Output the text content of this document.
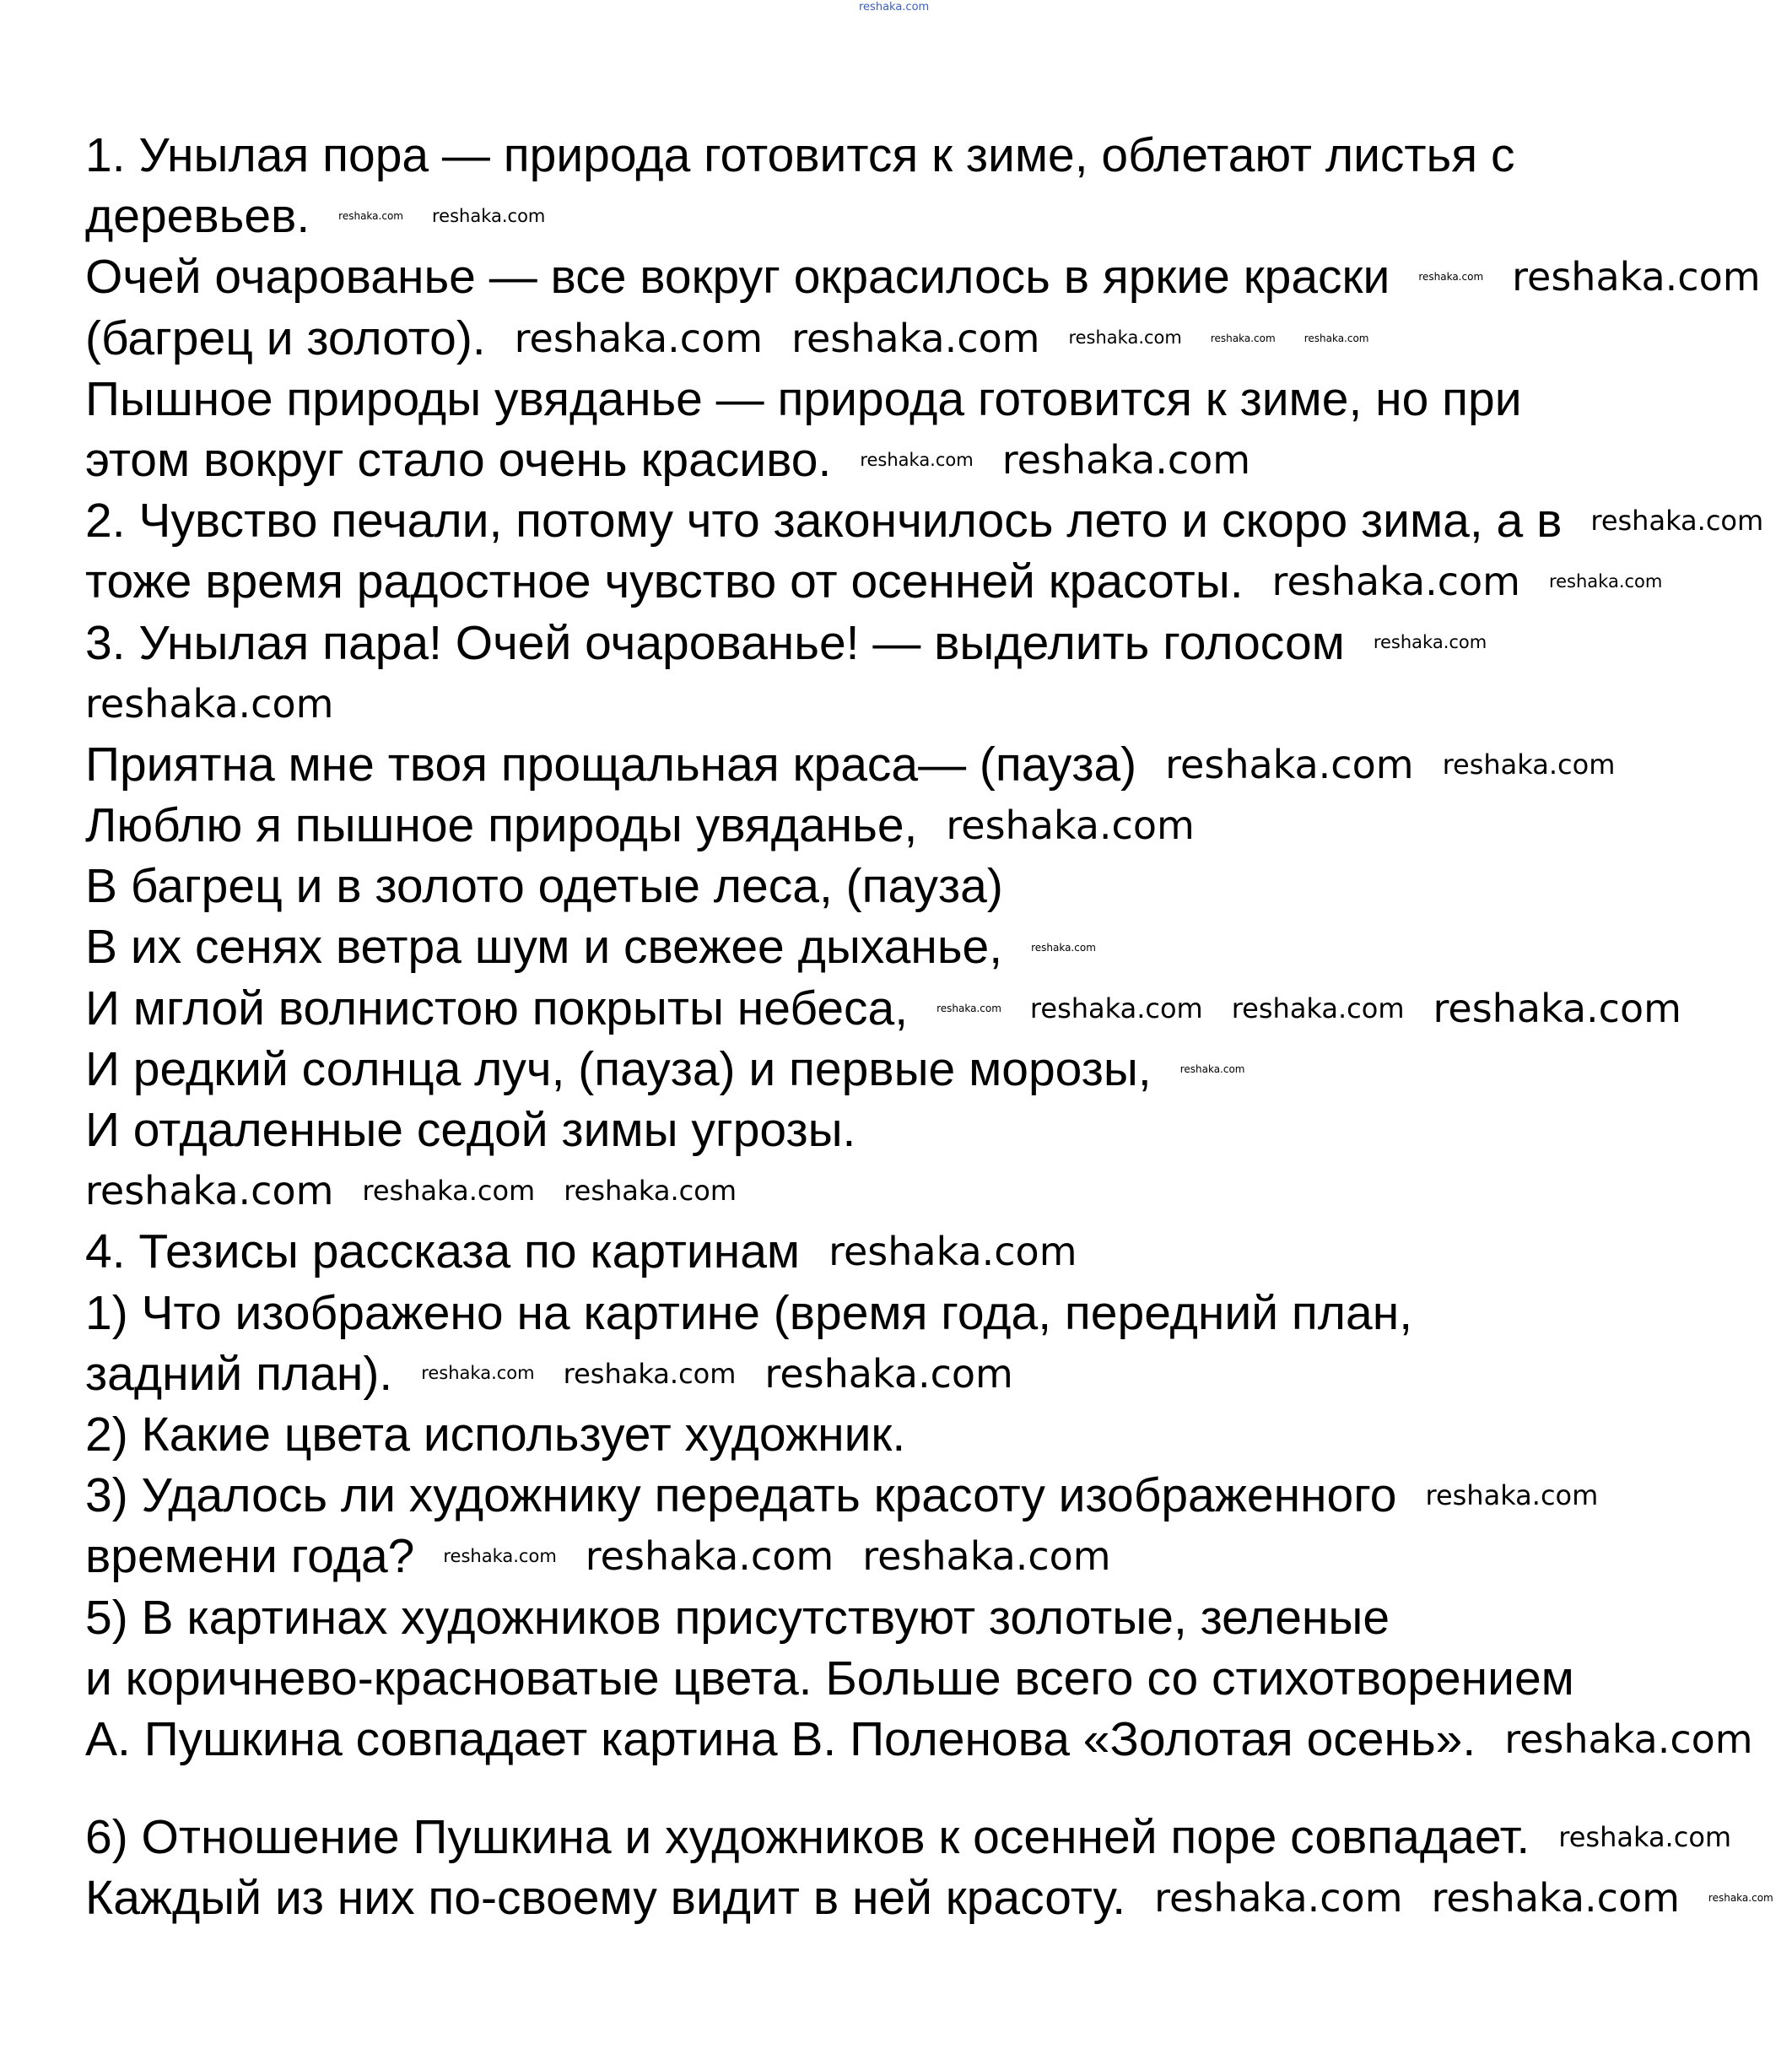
reshaka.com
1. Унылая пора — природа готовится к зиме, облетают листья с
деревьев.	reshaka.com reshaka.com
Очей очарованье — все вокруг окрасилось в яркие краски	reshaka.com reshaka.com
(багрец и золото). reshaka.com reshaka.com reshaka.com	reshaka.com	reshaka.com
Пышное природы увяданье — природа готовится к зиме, но при
этом вокруг стало очень красиво. reshaka.com reshaka.com
2. Чувство печали, потому что закончилось лето и скоро зима, а в reshaka.com
тоже время радостное чувство от осенней красоты. reshaka.com reshaka.com
3. Унылая пара! Очей очарованье! — выделить голосом reshaka.com
reshaka.com
Приятна мне твоя прощальная краса— (пауза) reshaka.com reshaka.com
Люблю я пышное природы увяданье, reshaka.com
В багрец и в золото одетые леса, (пауза)
В их сенях ветра шум и свежее дыханье,	reshaka.com
И мглой волнистою покрыты небеса,	reshaka.com reshaka.com reshaka.com reshaka.com
И редкий солнца луч, (пауза) и первые морозы,	reshaka.com
И отдаленные седой зимы угрозы.
reshaka.com reshaka.com reshaka.com
4. Тезисы рассказа по картинам reshaka.com
1) Что изображено на картине (время года, передний план,
задний план). reshaka.com reshaka.com reshaka.com
2) Какие цвета использует художник.
3) Удалось ли художнику передать красоту изображенного reshaka.com
времени года? reshaka.com reshaka.com reshaka.com
5) В картинах художников присутствуют золотые, зеленые
и коричнево-красноватые цвета. Больше всего со стихотворением
А. Пушкина совпадает картина В. Поленова «Золотая осень». reshaka.com
6) Отношение Пушкина и художников к осенней поре совпадает. reshaka.com
Каждый из них по-своему видит в ней красоту. reshaka.com reshaka.com	reshaka.com
